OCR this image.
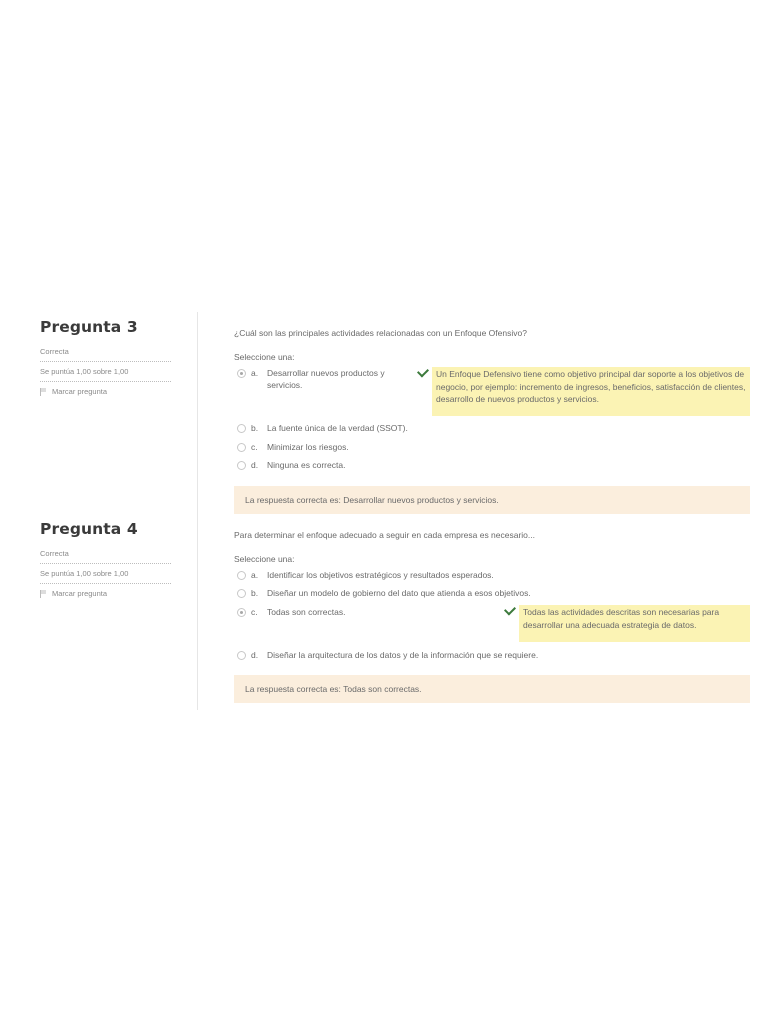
Pregunta 3
Correcta
Se puntúa 1,00 sobre 1,00
Marcar pregunta

¿Cuál son las principales actividades relacionadas con un Enfoque Ofensivo?

Seleccione una:
a.	Desarrollar nuevos productos y servicios.
Un Enfoque Defensivo tiene como objetivo principal dar soporte a los objetivos de negocio, por ejemplo: incremento de ingresos, beneficios, satisfacción de clientes, desarrollo de nuevos productos y servicios.
b.	La fuente única de la verdad (SSOT).
c.	Minimizar los riesgos.
d.	Ninguna es correcta.
La respuesta correcta es: Desarrollar nuevos productos y servicios.
Pregunta 4
Correcta
Se puntúa 1,00 sobre 1,00
Marcar pregunta

Para determinar el enfoque adecuado a seguir en cada empresa es necesario...

Seleccione una:
a.	Identificar los objetivos estratégicos y resultados esperados.
b.	Diseñar un modelo de gobierno del dato que atienda a esos objetivos.
c.	Todas son correctas.	Todas las actividades descritas son necesarias para desarrollar una adecuada estrategia de datos.
d.	Diseñar la arquitectura de los datos y de la información que se requiere.
La respuesta correcta es: Todas son correctas.
